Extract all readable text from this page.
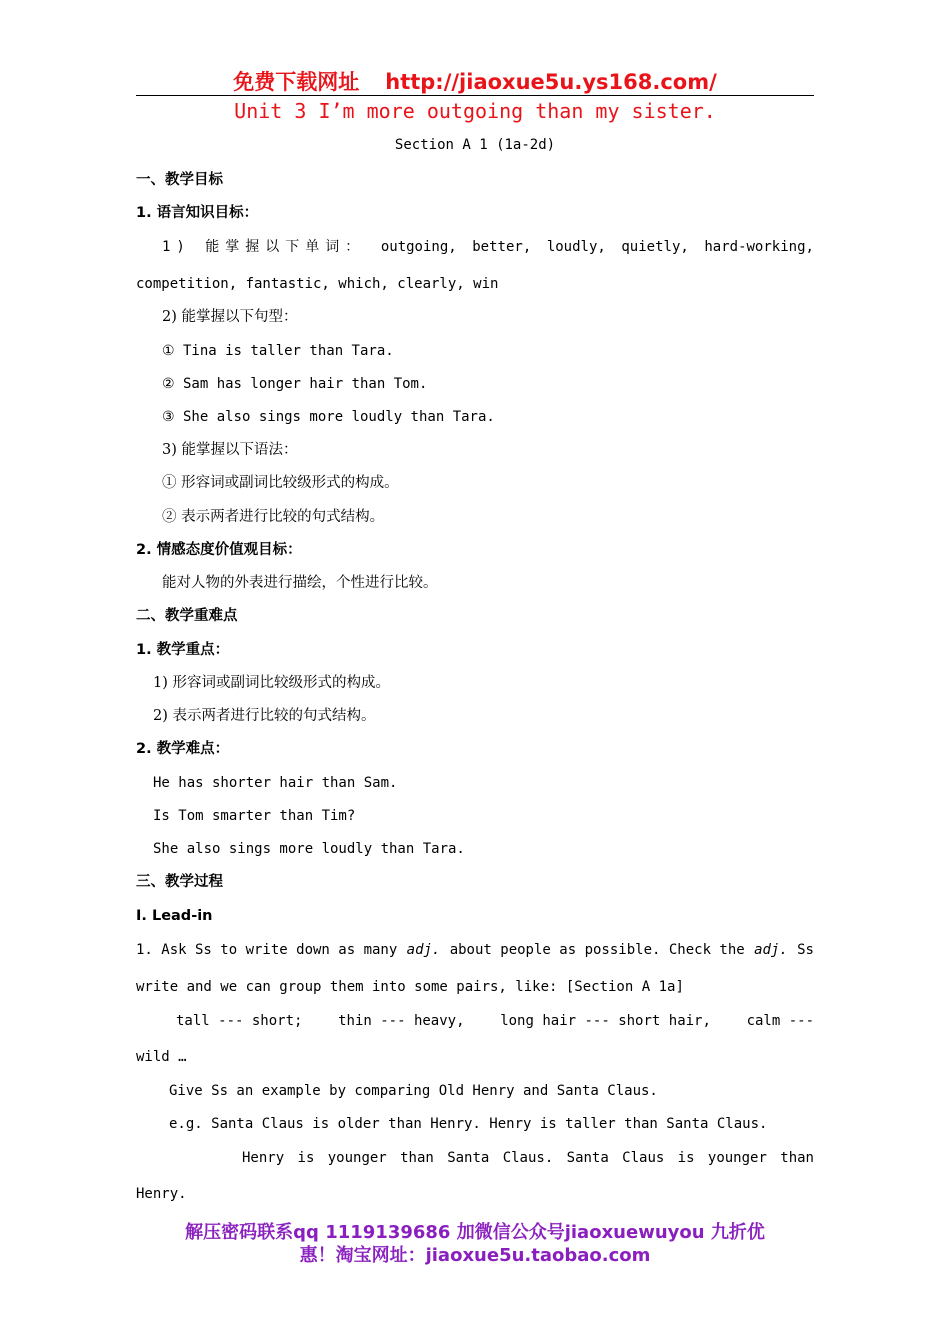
免费下载网址 http://jiaoxue5u.ys168.com/
Unit 3 I’m more outgoing than my sister.
Section A 1 (1a-2d)
一、教学目标
1. 语言知识目标：
1) 能掌握以下单词： outgoing, better, loudly, quietly, hard-working,
competition, fantastic, which, clearly, win
2) 能掌握以下句型：
① Tina is taller than Tara.
② Sam has longer hair than Tom.
③ She also sings more loudly than Tara.
3) 能掌握以下语法：
① 形容词或副词比较级形式的构成。
② 表示两者进行比较的句式结构。
2. 情感态度价值观目标：
能对人物的外表进行描绘，个性进行比较。
二、教学重难点
1. 教学重点：
1) 形容词或副词比较级形式的构成。
2) 表示两者进行比较的句式结构。
2. 教学难点：
He has shorter hair than Sam.
Is Tom smarter than Tim?
She also sings more loudly than Tara.
三、教学过程
Ⅰ. Lead-in
1. Ask Ss to write down as many adj. about people as possible. Check the adj. Ss
write and we can group them into some pairs, like: [Section A 1a]
tall --- short;	thin --- heavy,	long hair --- short hair,	calm ---
wild …
Give Ss an example by comparing Old Henry and Santa Claus.
e.g. Santa Claus is older than Henry. Henry is taller than Santa Claus.
Henry is younger than Santa Claus. Santa Claus is younger than
Henry.
解压密码联系qq 1119139686 加微信公众号jiaoxuewuyou 九折优
惠！淘宝网址：jiaoxue5u.taobao.com
